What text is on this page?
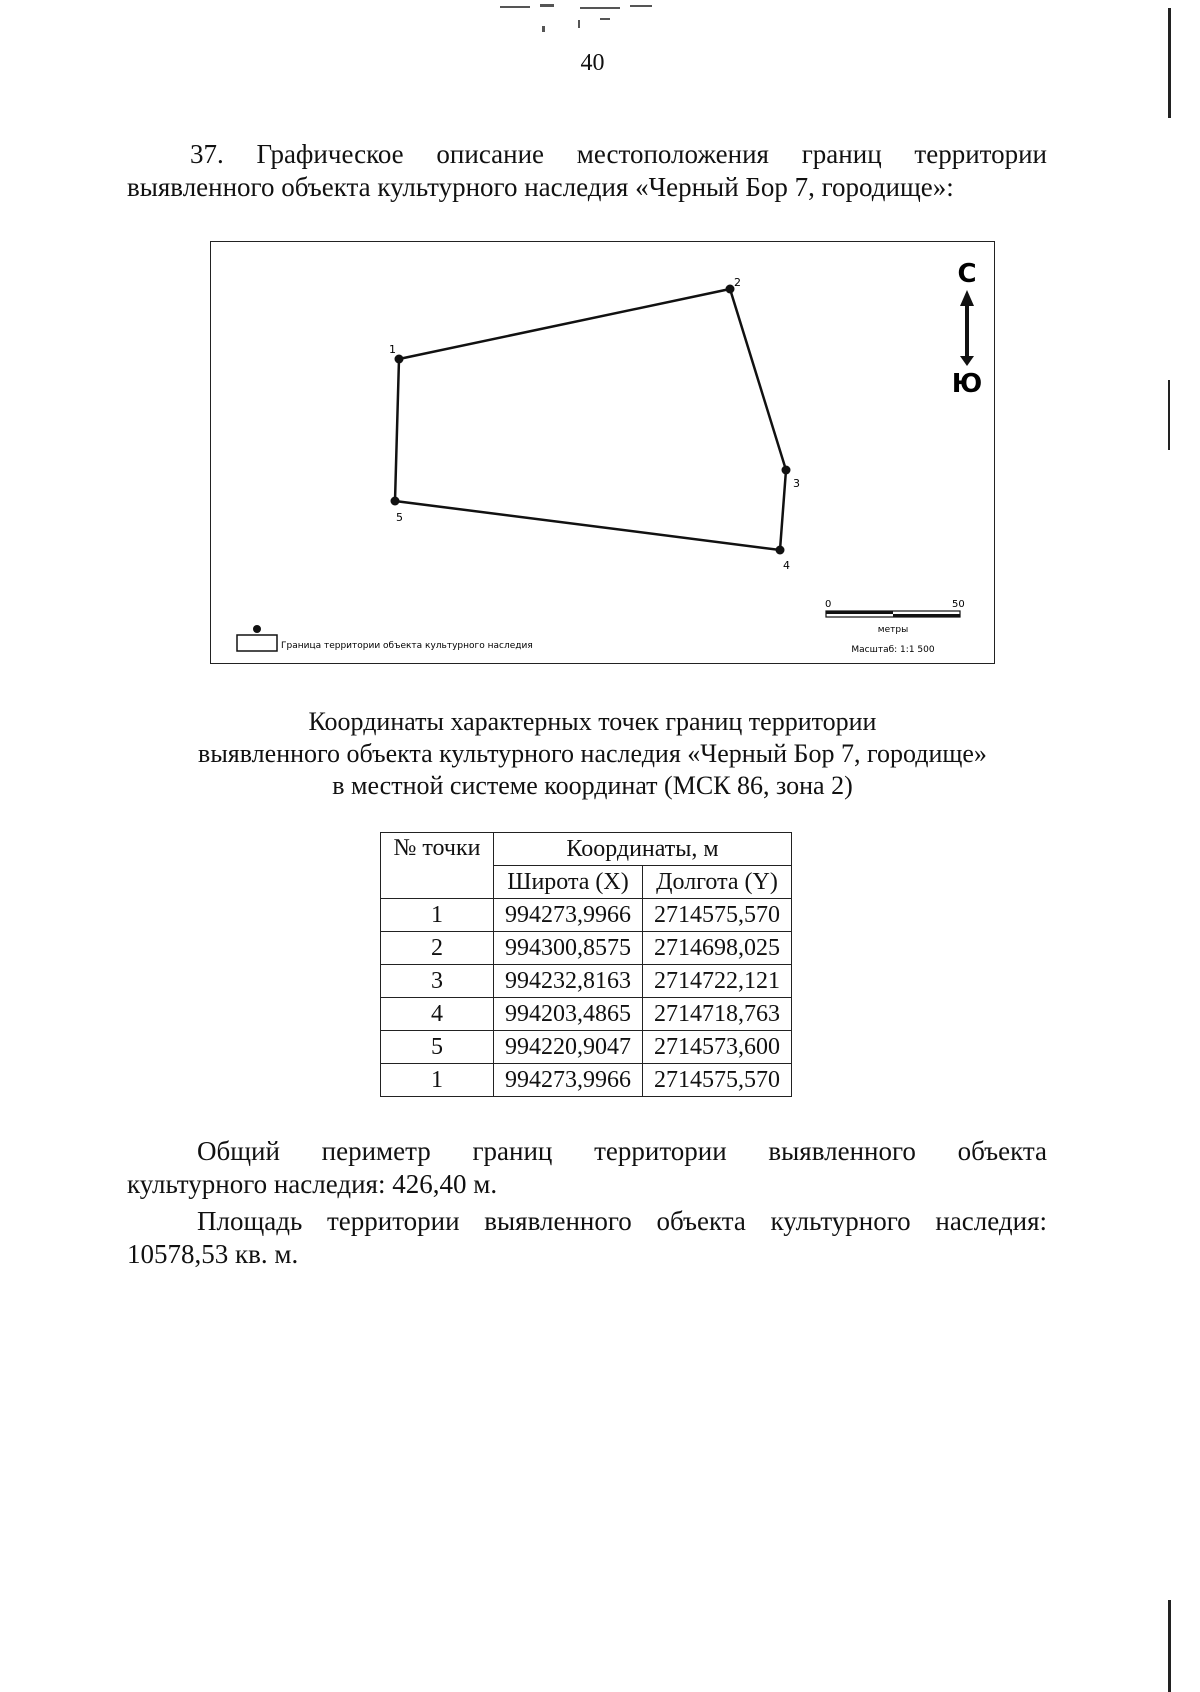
40

37. Графическое описание местоположения границ территории

выявленного объекта культурного наследия «Черный Бор 7, городище»:

1
2
3
4
5
С
Ю
0	50
метры
Масштаб: 1:1 500
Граница территории объекта культурного наследия
Координаты характерных точек границ территории
выявленного объекта культурного наследия «Черный Бор 7, городище»
в местной системе координат (МСК 86, зона 2)
№ точки	Координаты, м	
	Широта (X)	Долгота (Y)
1	994273,9966	2714575,570
2	994300,8575	2714698,025
3	994232,8163	2714722,121
4	994203,4865	2714718,763
5	994220,9047	2714573,600
1	994273,9966	2714575,570

Общий периметр границ территории выявленного объекта

культурного наследия: 426,40 м.

Площадь территории выявленного объекта культурного наследия:

10578,53 кв. м.
